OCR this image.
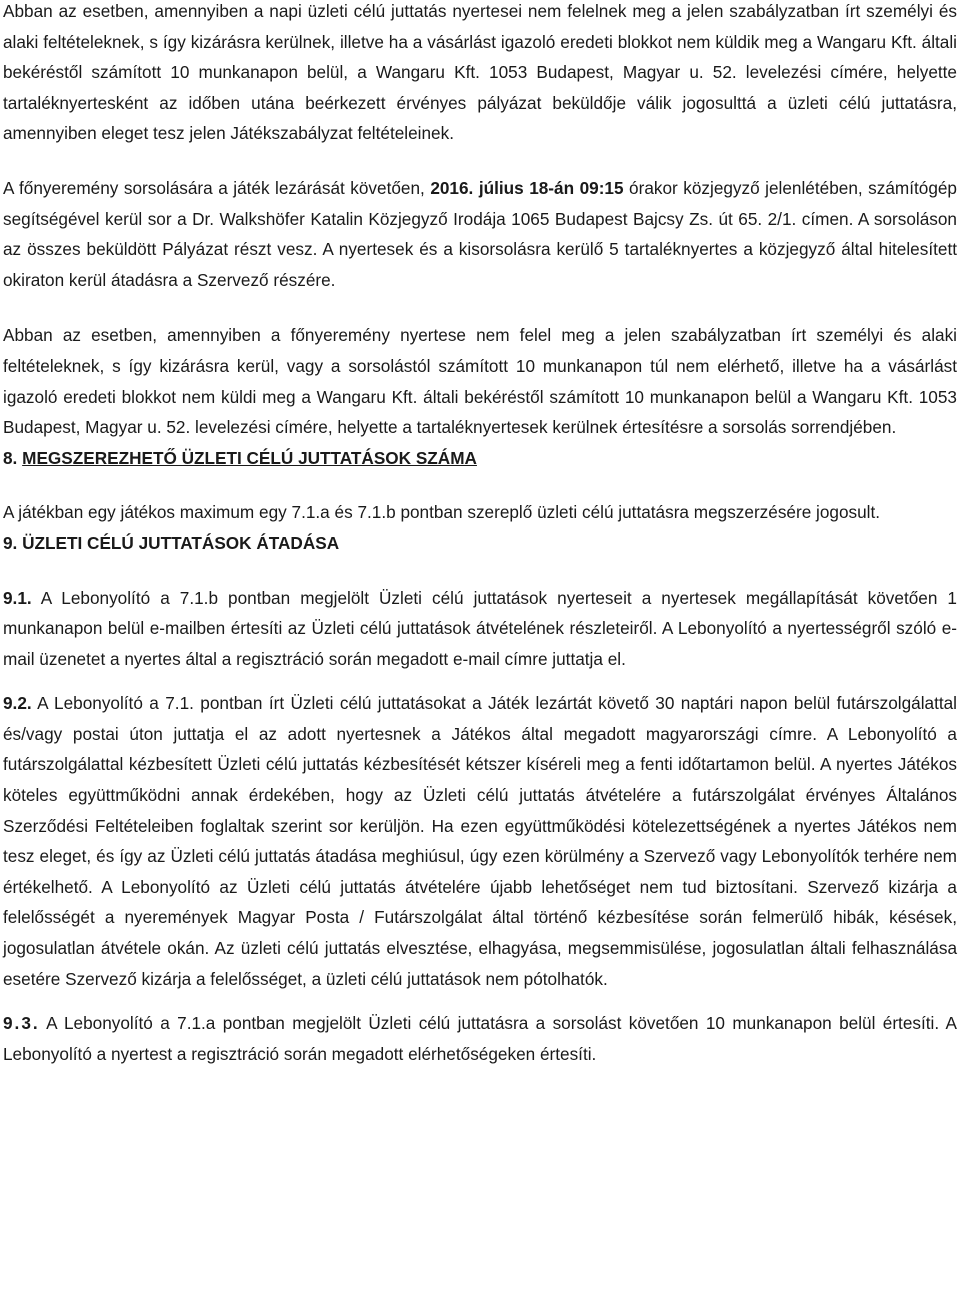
Abban az esetben, amennyiben a napi üzleti célú juttatás nyertesei nem felelnek meg a jelen szabályzatban írt személyi és alaki feltételeknek, s így kizárásra kerülnek, illetve ha a vásárlást igazoló eredeti blokkot nem küldik meg a Wangaru Kft. általi bekéréstől számított 10 munkanapon belül, a Wangaru Kft. 1053 Budapest, Magyar u. 52. levelezési címére, helyette tartaléknyertesként az időben utána beérkezett érvényes pályázat beküldője válik jogosulttá a üzleti célú juttatásra, amennyiben eleget tesz jelen Játékszabályzat feltételeinek.

A főnyeremény sorsolására a játék lezárását követően, 2016. július 18-án 09:15 órakor közjegyző jelenlétében, számítógép segítségével kerül sor a Dr. Walkshöfer Katalin Közjegyző Irodája 1065 Budapest Bajcsy Zs. út 65. 2/1. címen. A sorsoláson az összes beküldött Pályázat részt vesz. A nyertesek és a kisorsolásra kerülő 5 tartaléknyertes a közjegyző által hitelesített okiraton kerül átadásra a Szervező részére.

Abban az esetben, amennyiben a főnyeremény nyertese nem felel meg a jelen szabályzatban írt személyi és alaki feltételeknek, s így kizárásra kerül, vagy a sorsolástól számított 10 munkanapon túl nem elérhető, illetve ha a vásárlást igazoló eredeti blokkot nem küldi meg a Wangaru Kft. általi bekéréstől számított 10 munkanapon belül a Wangaru Kft. 1053 Budapest, Magyar u. 52. levelezési címére, helyette a tartaléknyertesek kerülnek értesítésre a sorsolás sorrendjében.

8. MEGSZEREZHETŐ ÜZLETI CÉLÚ JUTTATÁSOK SZÁMA

A játékban egy játékos maximum egy 7.1.a és 7.1.b pontban szereplő üzleti célú juttatásra megszerzésére jogosult.

9. ÜZLETI CÉLÚ JUTTATÁSOK ÁTADÁSA

9.1. A Lebonyolító a 7.1.b pontban megjelölt Üzleti célú juttatások nyerteseit a nyertesek megállapítását követően 1 munkanapon belül e-mailben értesíti az Üzleti célú juttatások átvételének részleteiről. A Lebonyolító a nyertességről szóló e-mail üzenetet a nyertes által a regisztráció során megadott e-mail címre juttatja el.

9.2. A Lebonyolító a 7.1. pontban írt Üzleti célú juttatásokat a Játék lezártát követő 30 naptári napon belül futárszolgálattal és/vagy postai úton juttatja el az adott nyertesnek a Játékos által megadott magyarországi címre. A Lebonyolító a futárszolgálattal kézbesített Üzleti célú juttatás kézbesítését kétszer kíséreli meg a fenti időtartamon belül. A nyertes Játékos köteles együttműködni annak érdekében, hogy az Üzleti célú juttatás átvételére a futárszolgálat érvényes Általános Szerződési Feltételeiben foglaltak szerint sor kerüljön. Ha ezen együttműködési kötelezettségének a nyertes Játékos nem tesz eleget, és így az Üzleti célú juttatás átadása meghiúsul, úgy ezen körülmény a Szervező vagy Lebonyolítók terhére nem értékelhető. A Lebonyolító az Üzleti célú juttatás átvételére újabb lehetőséget nem tud biztosítani. Szervező kizárja a felelősségét a nyeremények Magyar Posta / Futárszolgálat által történő kézbesítése során felmerülő hibák, késések, jogosulatlan átvétele okán. Az üzleti célú juttatás elvesztése, elhagyása, megsemmisülése, jogosulatlan általi felhasználása esetére Szervező kizárja a felelősséget, a üzleti célú juttatások nem pótolhatók.

9.3. A Lebonyolító a 7.1.a pontban megjelölt Üzleti célú juttatásra a sorsolást követően 10 munkanapon belül értesíti. A Lebonyolító a nyertest a regisztráció során megadott elérhetőségeken értesíti.
